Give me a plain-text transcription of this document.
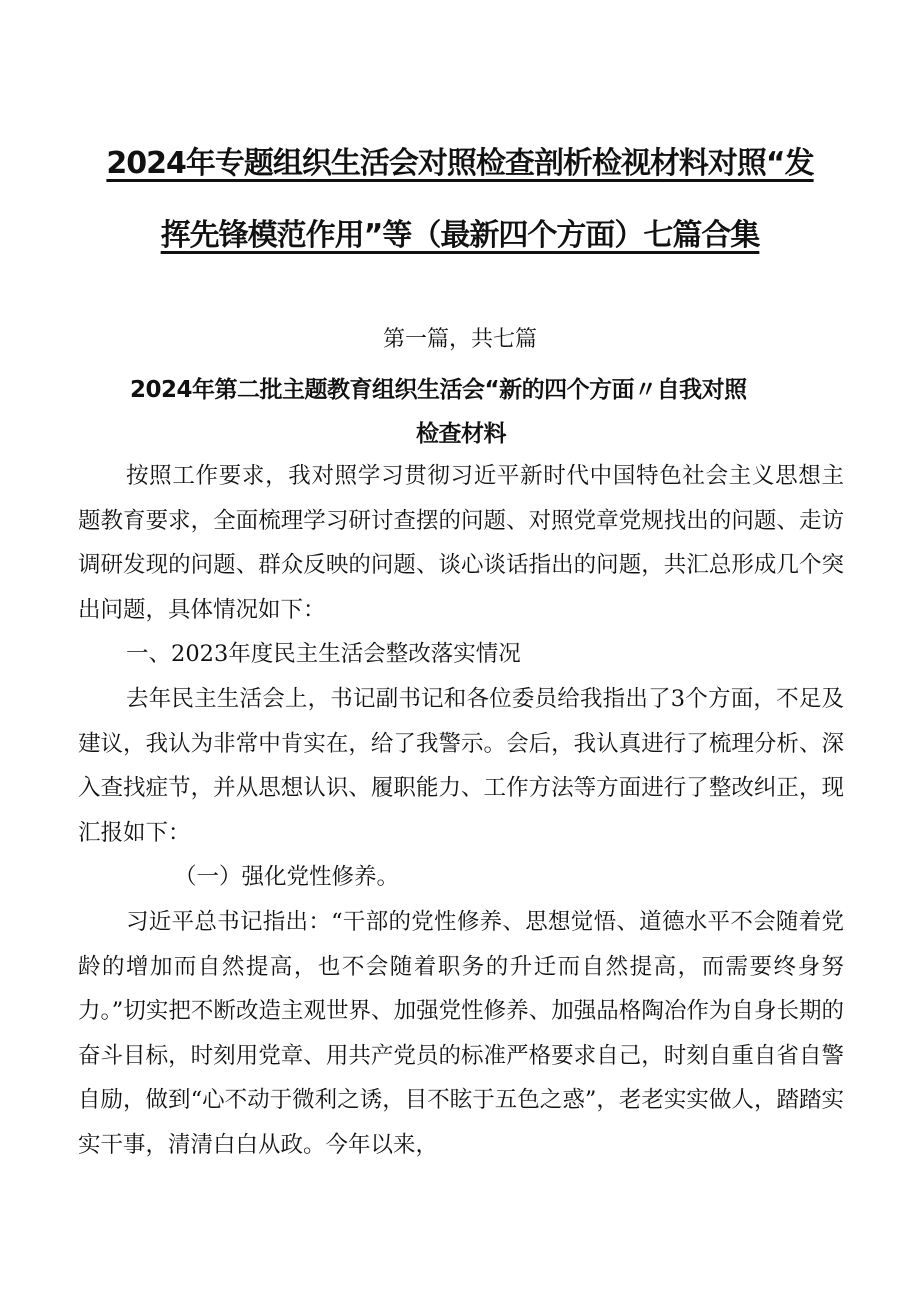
2024年专题组织生活会对照检查剖析检视材料对照“发
挥先锋模范作用”等（最新四个方面）七篇合集
第一篇，共七篇
2024年第二批主题教育组织生活会“新的四个方面〃自我对照
检查材料

按照工作要求，我对照学习贯彻习近平新时代中国特色社会主义思想主题教育要求，全面梳理学习研讨查摆的问题、对照党章党规找出的问题、走访调研发现的问题、群众反映的问题、谈心谈话指出的问题，共汇总形成几个突出问题，具体情况如下：

一、2023年度民主生活会整改落实情况

去年民主生活会上，书记副书记和各位委员给我指出了3个方面，不足及建议，我认为非常中肯实在，给了我警示。会后，我认真进行了梳理分析、深入查找症节，并从思想认识、履职能力、工作方法等方面进行了整改纠正，现汇报如下：

（一）强化党性修养。

习近平总书记指出：“干部的党性修养、思想觉悟、道德水平不会随着党龄的增加而自然提高，也不会随着职务的升迁而自然提高，而需要终身努力。”切实把不断改造主观世界、加强党性修养、加强品格陶冶作为自身长期的奋斗目标，时刻用党章、用共产党员的标准严格要求自己，时刻自重自省自警自励，做到“心不动于微利之诱，目不眩于五色之惑”，老老实实做人，踏踏实实干事，清清白白从政。今年以来，
